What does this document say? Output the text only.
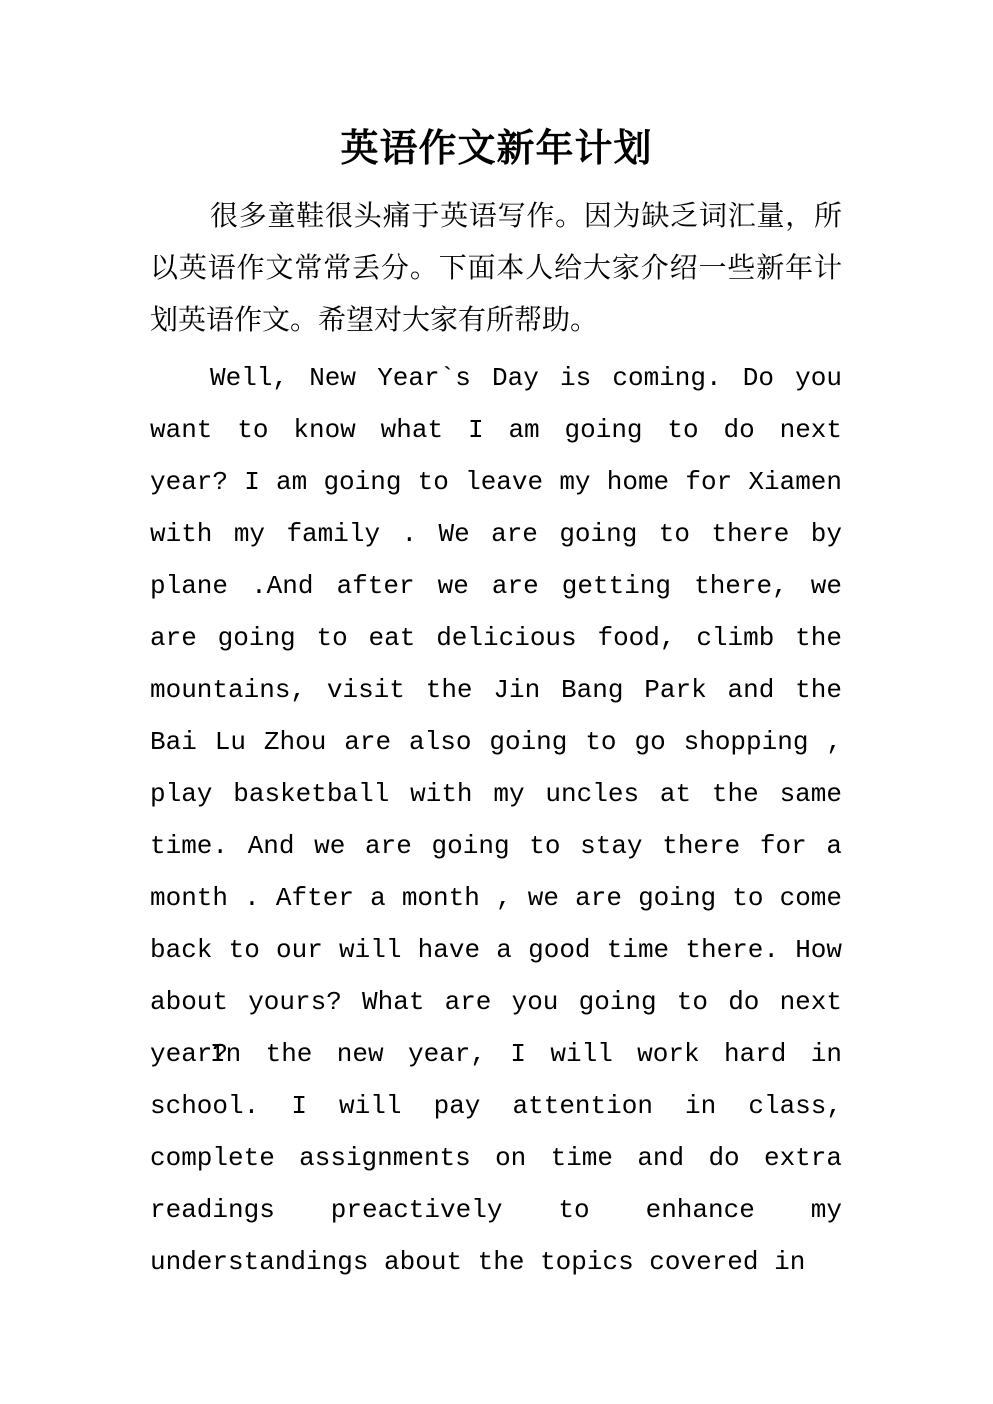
英语作文新年计划

很多童鞋很头痛于英语写作。因为缺乏词汇量，所以英语作文常常丢分。下面本人给大家介绍一些新年计划英语作文。希望对大家有所帮助。

Well, New Year`s Day is coming. Do you want to know what I am going to do next year? I am going to leave my home for Xiamen with my family . We are going to there by plane .And after we are getting there, we are going to eat delicious food, climb the mountains, visit the Jin Bang Park and the Bai Lu Zhou are also going to go shopping , play basketball with my uncles at the same time. And we are going to stay there for a month . After a month , we are going to come back to our will have a good time there. How about yours? What are you going to do next year?

In the new year, I will work hard in school. I will pay attention in class, complete assignments on time and do extra readings preactively to enhance my understandings about the topics covered in
